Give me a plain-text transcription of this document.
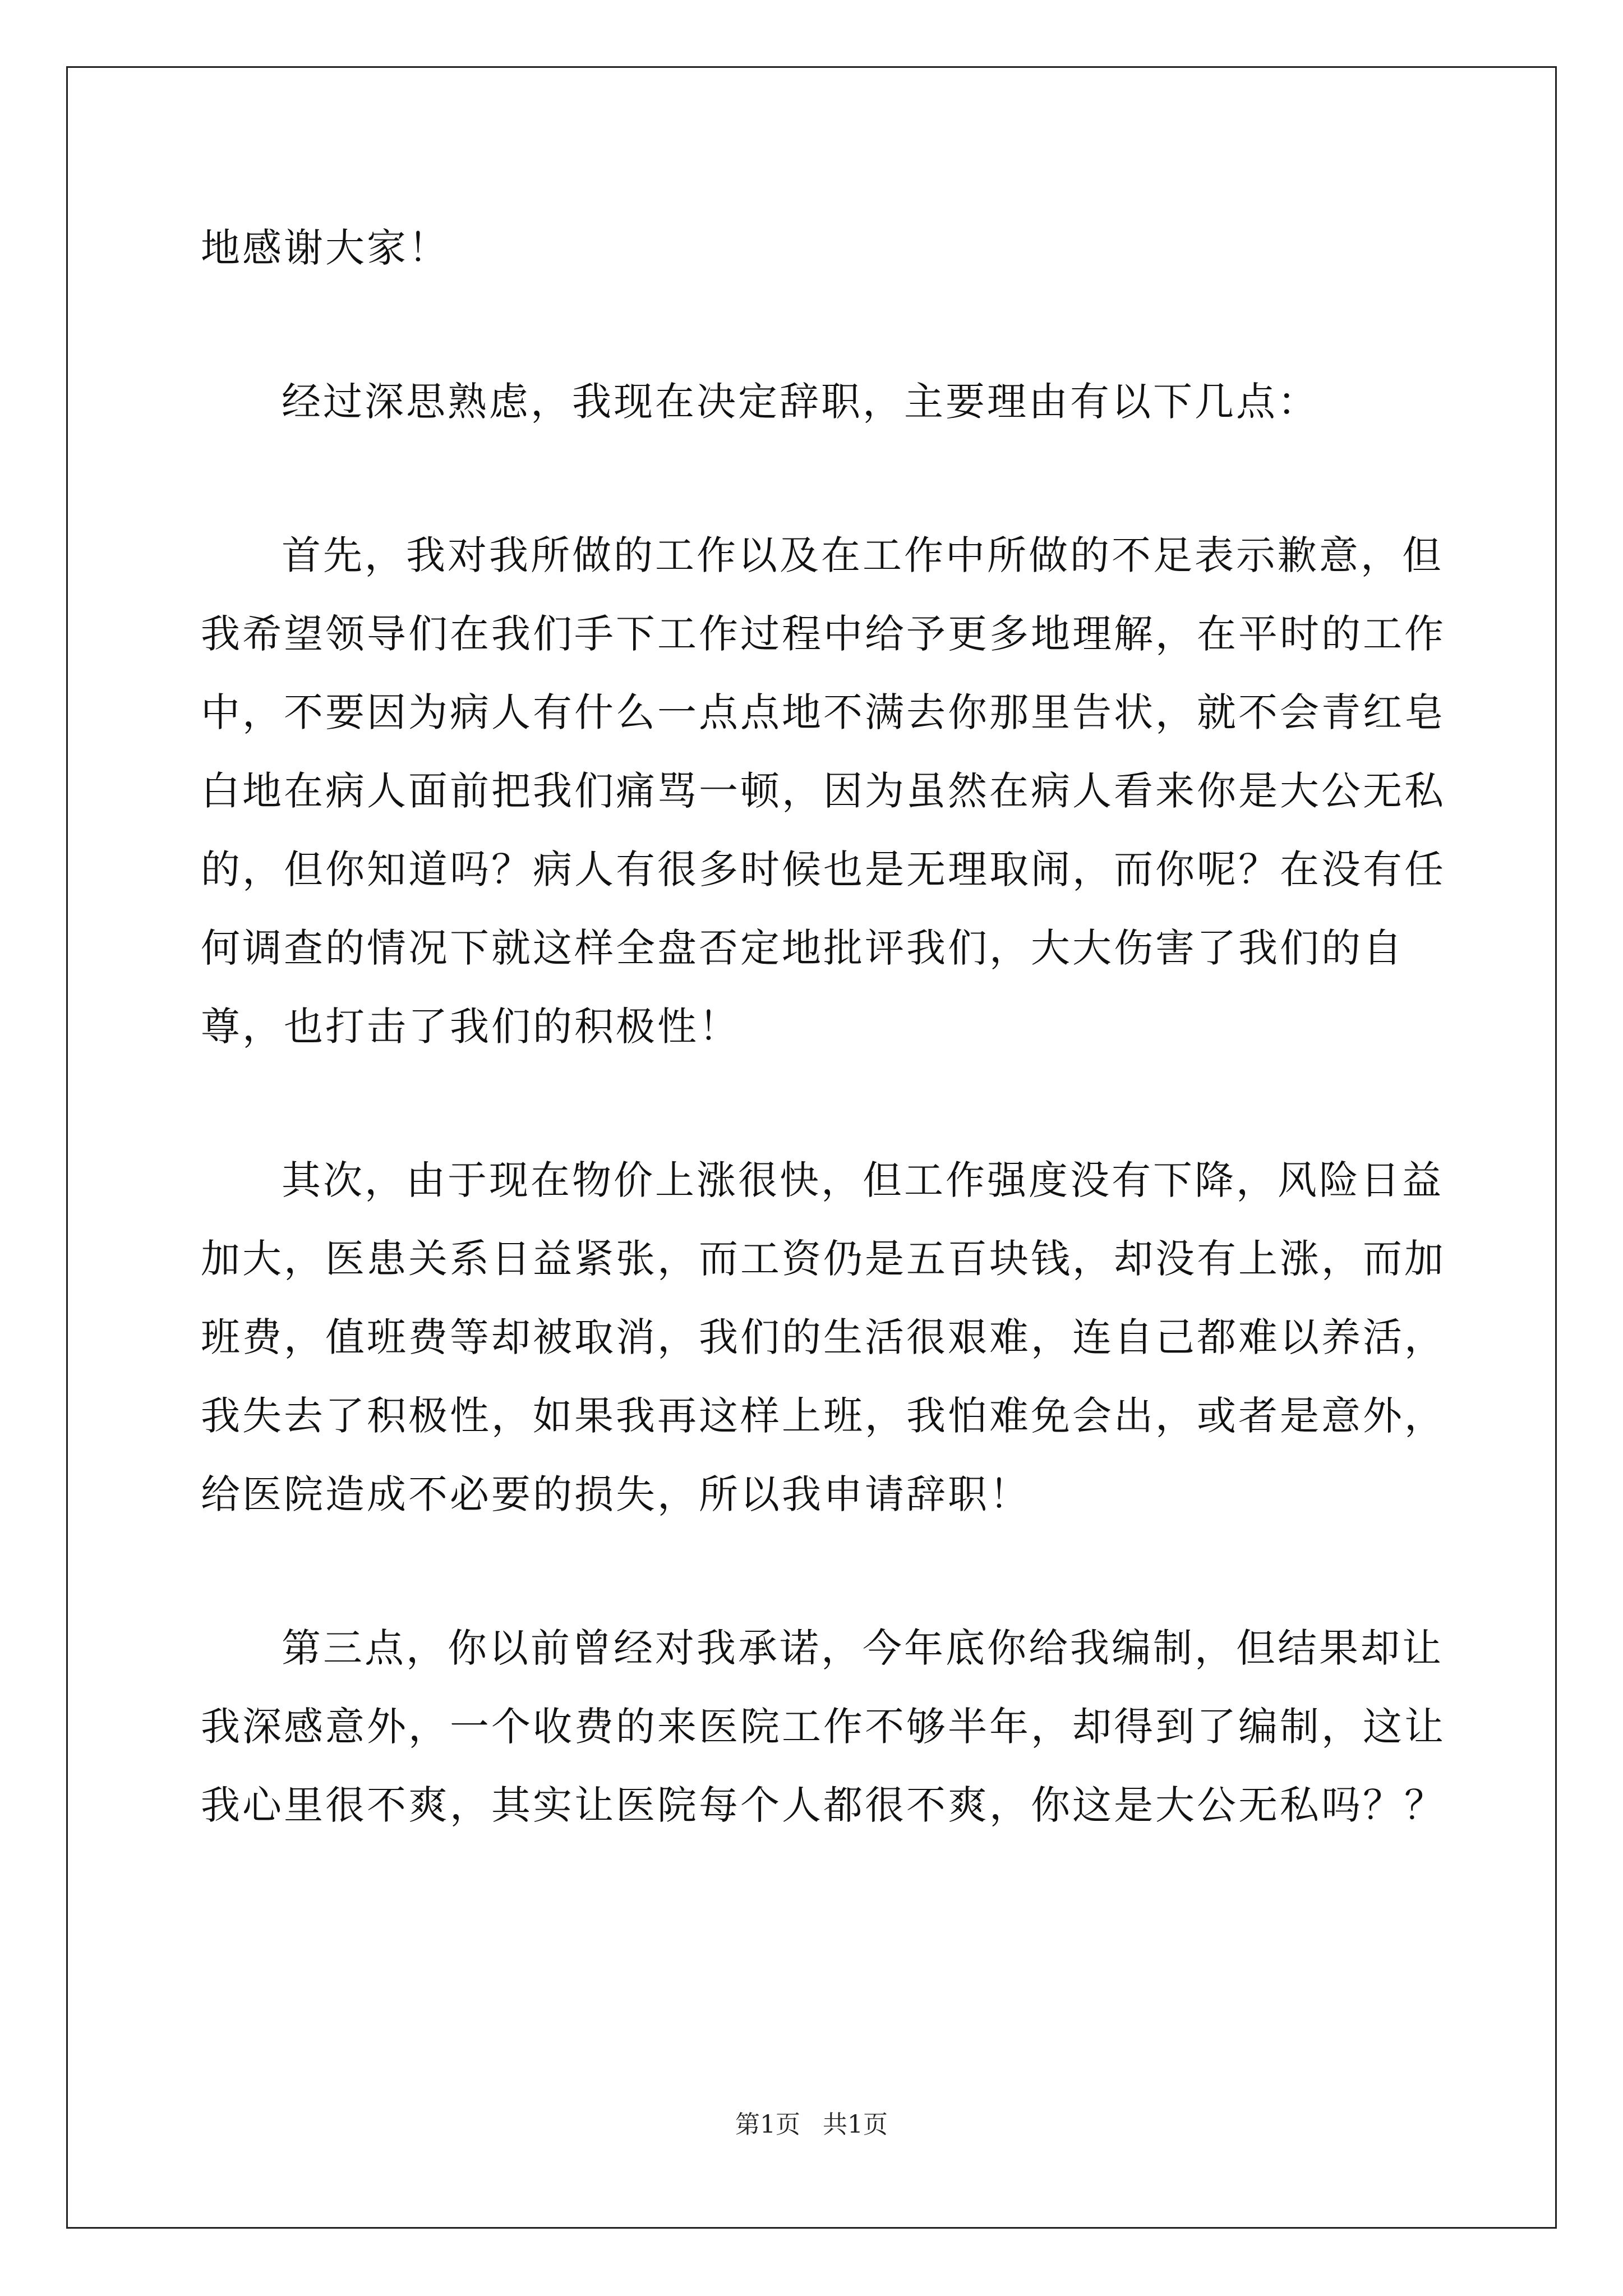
地感谢大家！

经过深思熟虑，我现在决定辞职，主要理由有以下几点：

首先，我对我所做的工作以及在工作中所做的不足表示歉意，但我希望领导们在我们手下工作过程中给予更多地理解，在平时的工作中，不要因为病人有什么一点点地不满去你那里告状，就不会青红皂白地在病人面前把我们痛骂一顿，因为虽然在病人看来你是大公无私的，但你知道吗？病人有很多时候也是无理取闹，而你呢？在没有任何调查的情况下就这样全盘否定地批评我们，大大伤害了我们的自尊，也打击了我们的积极性！

其次，由于现在物价上涨很快，但工作强度没有下降，风险日益加大，医患关系日益紧张，而工资仍是五百块钱，却没有上涨，而加班费，值班费等却被取消，我们的生活很艰难，连自己都难以养活，我失去了积极性，如果我再这样上班，我怕难免会出，或者是意外，给医院造成不必要的损失，所以我申请辞职！

第三点，你以前曾经对我承诺，今年底你给我编制，但结果却让我深感意外，一个收费的来医院工作不够半年，却得到了编制，这让我心里很不爽，其实让医院每个人都很不爽，你这是大公无私吗？？

第1页 共1页
